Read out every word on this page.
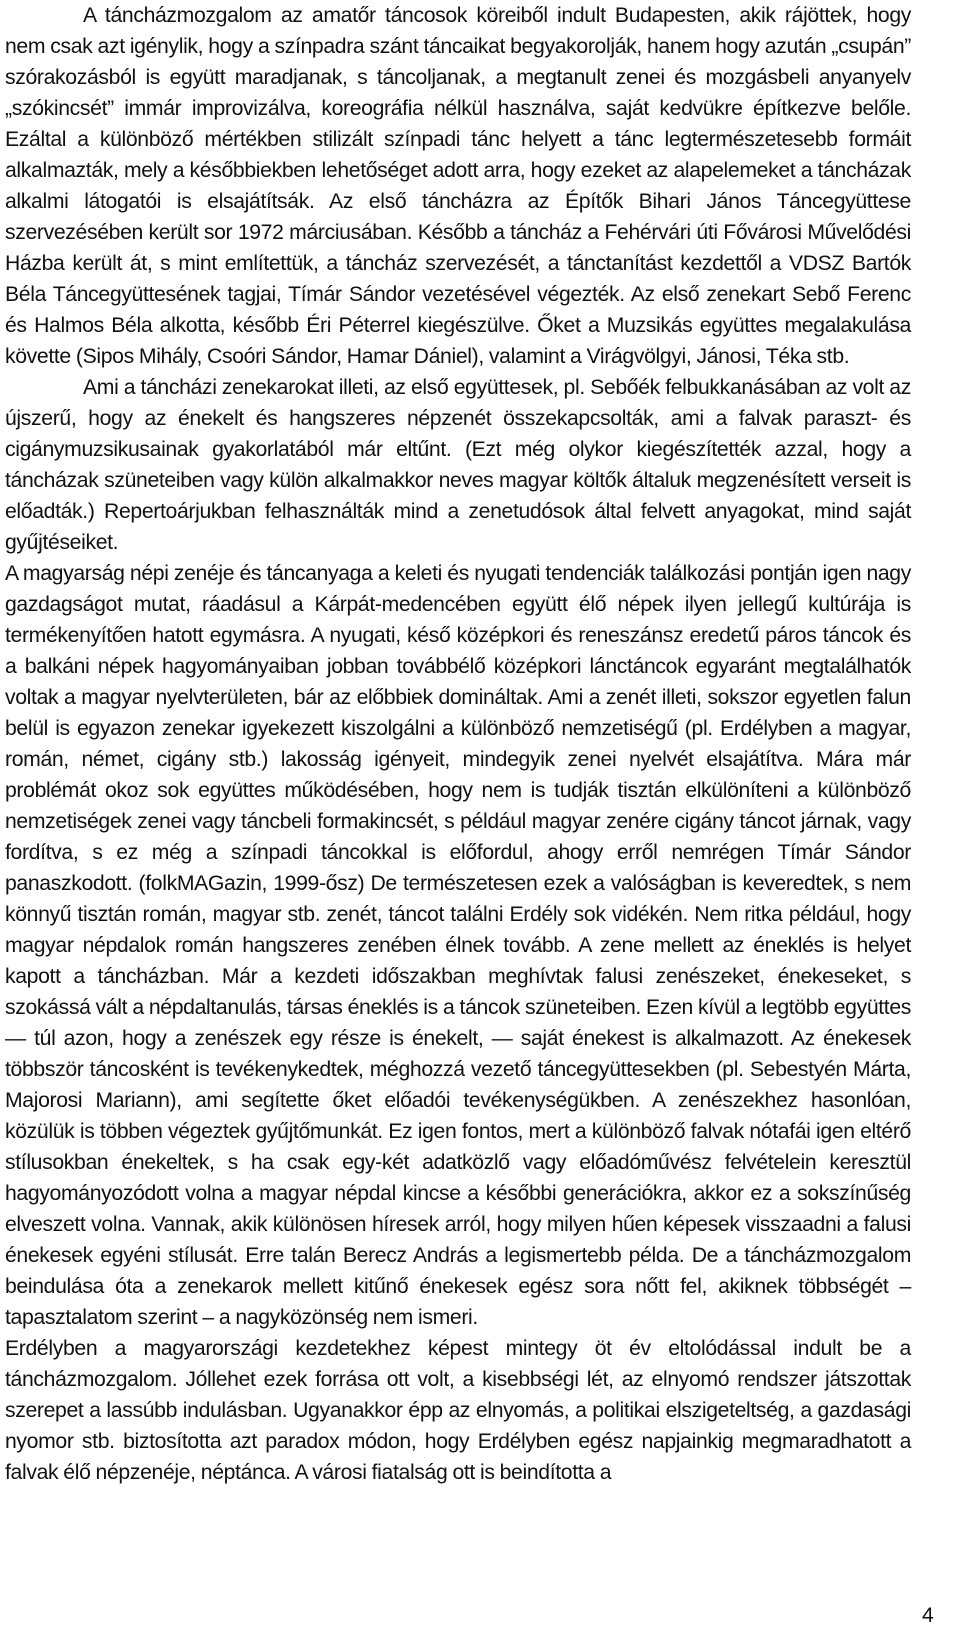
A táncházmozgalom az amatőr táncosok köreiből indult Budapesten, akik rájöttek, hogy nem csak azt igénylik, hogy a színpadra szánt táncaikat begyakorolják, hanem hogy azután „csupán” szórakozásból is együtt maradjanak, s táncoljanak, a megtanult zenei és mozgásbeli anyanyelv „szókincsét” immár improvizálva, koreográfia nélkül használva, saját kedvükre építkezve belőle. Ezáltal a különböző mértékben stilizált színpadi tánc helyett a tánc legtermészetesebb formáit alkalmazták, mely a későbbiekben lehetőséget adott arra, hogy ezeket az alapelemeket a táncházak alkalmi látogatói is elsajátítsák. Az első táncházra az Építők Bihari János Táncegyüttese szervezésében került sor 1972 márciusában. Később a táncház a Fehérvári úti Fővárosi Művelődési Házba került át, s mint említettük, a táncház szervezését, a tánctanítást kezdettől a VDSZ Bartók Béla Táncegyüttesének tagjai, Tímár Sándor vezetésével végezték. Az első zenekart Sebő Ferenc és Halmos Béla alkotta, később Éri Péterrel kiegészülve. Őket a Muzsikás együttes megalakulása követte (Sipos Mihály, Csoóri Sándor, Hamar Dániel), valamint a Virágvölgyi, Jánosi, Téka stb.

Ami a táncházi zenekarokat illeti, az első együttesek, pl. Sebőék felbukkanásában az volt az újszerű, hogy az énekelt és hangszeres népzenét összekapcsolták, ami a falvak paraszt- és cigánymuzsikusainak gyakorlatából már eltűnt. (Ezt még olykor kiegészítették azzal, hogy a táncházak szüneteiben vagy külön alkalmakkor neves magyar költők általuk megzenésített verseit is előadták.) Repertoárjukban felhasználták mind a zenetudósok által felvett anyagokat, mind saját gyűjtéseiket.

A magyarság népi zenéje és táncanyaga a keleti és nyugati tendenciák találkozási pontján igen nagy gazdagságot mutat, ráadásul a Kárpát-medencében együtt élő népek ilyen jellegű kultúrája is termékenyítően hatott egymásra. A nyugati, késő középkori és reneszánsz eredetű páros táncok és a balkáni népek hagyományaiban jobban továbbélő középkori lánctáncok egyaránt megtalálhatók voltak a magyar nyelvterületen, bár az előbbiek domináltak. Ami a zenét illeti, sokszor egyetlen falun belül is egyazon zenekar igyekezett kiszolgálni a különböző nemzetiségű (pl. Erdélyben a magyar, román, német, cigány stb.) lakosság igényeit, mindegyik zenei nyelvét elsajátítva. Mára már problémát okoz sok együttes működésében, hogy nem is tudják tisztán elkülöníteni a különböző nemzetiségek zenei vagy táncbeli formakincsét, s például magyar zenére cigány táncot járnak, vagy fordítva, s ez még a színpadi táncokkal is előfordul, ahogy erről nemrégen Tímár Sándor panaszkodott. (folkMAGazin, 1999-ősz) De természetesen ezek a valóságban is keveredtek, s nem könnyű tisztán román, magyar stb. zenét, táncot találni Erdély sok vidékén. Nem ritka például, hogy magyar népdalok román hangszeres zenében élnek tovább. A zene mellett az éneklés is helyet kapott a táncházban. Már a kezdeti időszakban meghívtak falusi zenészeket, énekeseket, s szokássá vált a népdaltanulás, társas éneklés is a táncok szüneteiben. Ezen kívül a legtöbb együttes — túl azon, hogy a zenészek egy része is énekelt, — saját énekest is alkalmazott. Az énekesek többször táncosként is tevékenykedtek, méghozzá vezető táncegyüttesekben (pl. Sebestyén Márta, Majorosi Mariann), ami segítette őket előadói tevékenységükben. A zenészekhez hasonlóan, közülük is többen végeztek gyűjtőmunkát. Ez igen fontos, mert a különböző falvak nótafái igen eltérő stílusokban énekeltek, s ha csak egy-két adatközlő vagy előadóművész felvételein keresztül hagyományozódott volna a magyar népdal kincse a későbbi generációkra, akkor ez a sokszínűség elveszett volna. Vannak, akik különösen híresek arról, hogy milyen hűen képesek visszaadni a falusi énekesek egyéni stílusát. Erre talán Berecz András a legismertebb példa. De a táncházmozgalom beindulása óta a zenekarok mellett kitűnő énekesek egész sora nőtt fel, akiknek többségét – tapasztalatom szerint – a nagyközönség nem ismeri.

Erdélyben a magyarországi kezdetekhez képest mintegy öt év eltolódással indult be a táncházmozgalom. Jóllehet ezek forrása ott volt, a kisebbségi lét, az elnyomó rendszer játszottak szerepet a lassúbb indulásban. Ugyanakkor épp az elnyomás, a politikai elszigeteltség, a gazdasági nyomor stb. biztosította azt paradox módon, hogy Erdélyben egész napjainkig megmaradhatott a falvak élő népzenéje, néptánca. A városi fiatalság ott is beindította a

4
